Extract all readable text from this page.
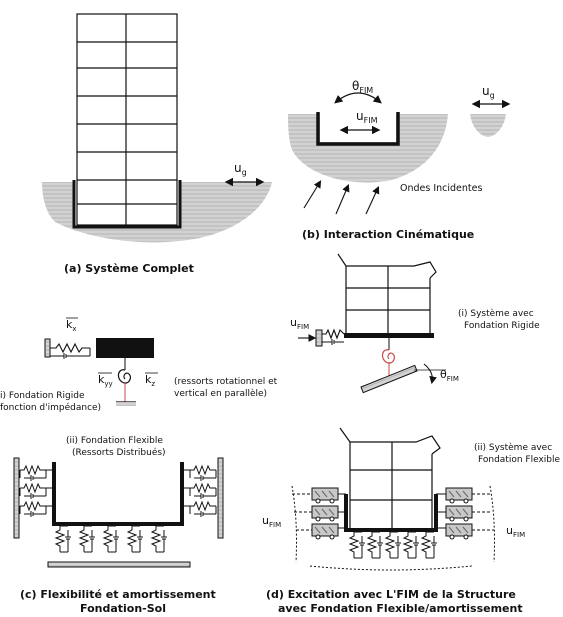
$u_g$
(a) Système Complet
$\theta_{FIM}$
$u_{FIM}$
$u_g$
Ondes Incidentes
(b) Interaction Cinématique
$k_x$
$k_{yy}$	$k_z$ (ressorts rotationnel et
vertical en parallèle)
i) Fondation Rigide
fonction d'impédance)
(ii) Fondation Flexible
(Ressorts Distribués)
(c) Flexibilité et amortissement
Fondation-Sol
$u_{FIM}$
$\theta_{FIM}$
(i) Système avec
Fondation Rigide
$u_{FIM}$	$u_{FIM}$
(ii) Système avec
Fondation Flexible
(d) Excitation avec L'FIM de la Structure
avec Fondation Flexible/amortissement
